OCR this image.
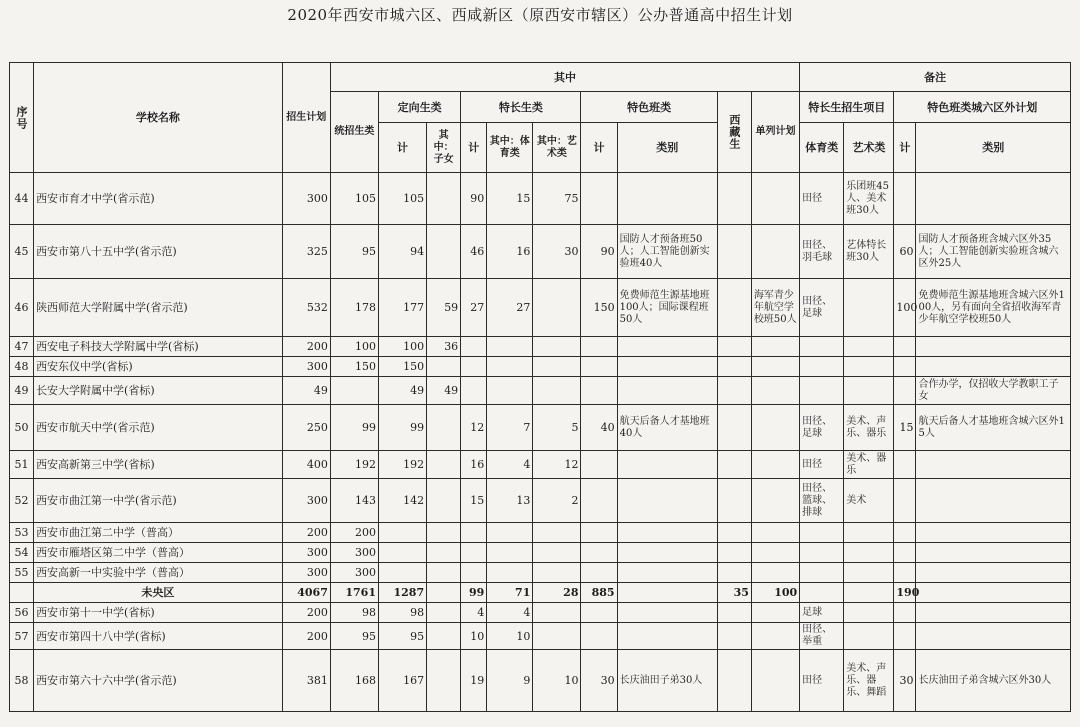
2020年西安市城六区、西咸新区（原西安市辖区）公办普通高中招生计划
序号	学校名称	招生计划	其中										备注			
			统招生类	定向生类		特长生类			特色班类		西藏生	单列计划	特长生招生项目		特色班类城六区外计划	
				计	其中：子女	计	其中：体育类	其中：艺术类	计	类别			体育类	艺术类	计	类别
44	西安市育才中学(省示范)	300	105	105		90	15	75					田径	乐团班45人、美术班30人		
45	西安市第八十五中学(省示范)	325	95	94		46	16	30	90	国防人才预备班50人；人工智能创新实验班40人			田径、羽毛球	艺体特长班30人	60	国防人才预备班含城六区外35人；人工智能创新实验班含城六区外25人
46	陕西师范大学附属中学(省示范)	532	178	177	59	27	27		150	免费师范生源基地班100人；国际课程班50人		海军青少年航空学校班50人	田径、足球		100	免费师范生源基地班含城六区外100人，另有面向全省招收海军青少年航空学校班50人
47	西安电子科技大学附属中学(省标)	200	100	100	36											
48	西安东仪中学(省标)	300	150	150												
49	长安大学附属中学(省标)	49		49	49											合作办学，仅招收大学教职工子女
50	西安市航天中学(省示范)	250	99	99		12	7	5	40	航天后备人才基地班40人			田径、足球	美术、声乐、器乐	15	航天后备人才基地班含城六区外15人
51	西安高新第三中学(省标)	400	192	192		16	4	12					田径	美术、器乐		
52	西安市曲江第一中学(省示范)	300	143	142		15	13	2					田径、篮球、排球	美术		
53	西安市曲江第二中学（普高）	200	200													
54	西安市雁塔区第二中学（普高）	300	300													
55	西安高新一中实验中学（普高）	300	300													
	未央区	4067	1761	1287		99	71	28	885		35	100			190	
56	西安市第十一中学(省标)	200	98	98		4	4						足球			
57	西安市第四十八中学(省标)	200	95	95		10	10						田径、举重			
58	西安市第六十六中学(省示范)	381	168	167		19	9	10	30	长庆油田子弟30人			田径	美术、声乐、器乐、舞蹈	30	长庆油田子弟含城六区外30人
